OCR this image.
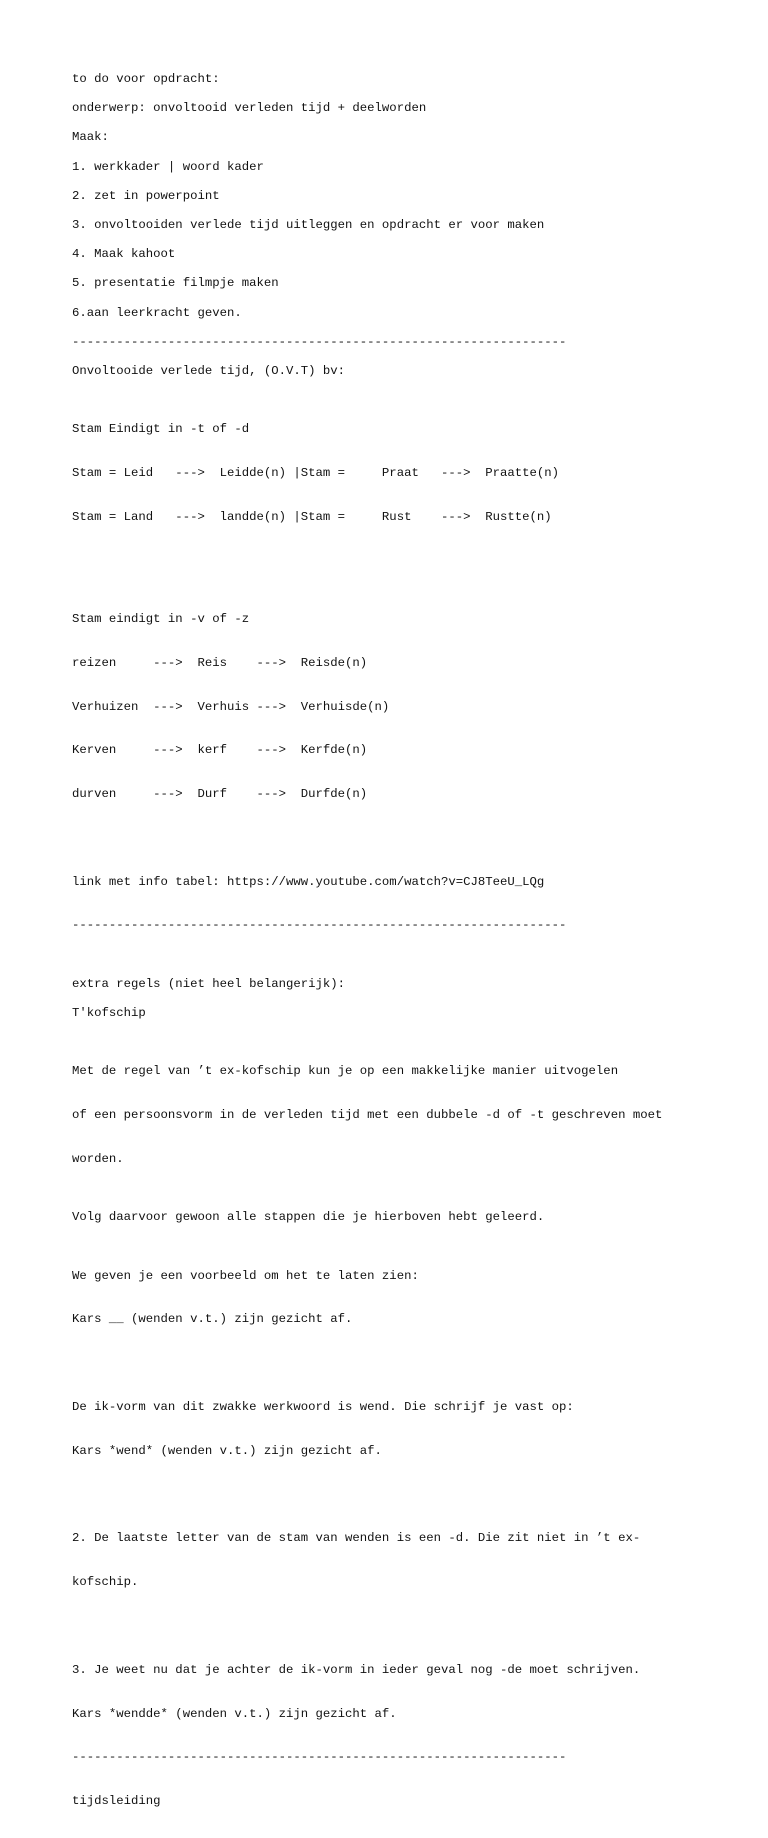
to do voor opdracht:
onderwerp: onvoltooid verleden tijd + deelworden
Maak:
1. werkkader | woord kader
2. zet in powerpoint
3. onvoltooiden verlede tijd uitleggen en opdracht er voor maken
4. Maak kahoot
5. presentatie filmpje maken
6.aan leerkracht geven.
-------------------------------------------------------------------
Onvoltooide verlede tijd, (O.V.T) bv:

Stam Eindigt in -t of -d

Stam = Leid   --->  Leidde(n) |Stam =     Praat   --->  Praatte(n)

Stam = Land   --->  landde(n) |Stam =     Rust    --->  Rustte(n)

Stam eindigt in -v of -z

reizen     --->  Reis    --->  Reisde(n)

Verhuizen  --->  Verhuis --->  Verhuisde(n)

Kerven     --->  kerf    --->  Kerfde(n)

durven     --->  Durf    --->  Durfde(n)

link met info tabel: https://www.youtube.com/watch?v=CJ8TeeU_LQg

-------------------------------------------------------------------

extra regels (niet heel belangerijk):
T'kofschip

Met de regel van ’t ex-kofschip kun je op een makkelijke manier uitvogelen

of een persoonsvorm in de verleden tijd met een dubbele -d of -t geschreven moet

worden.

Volg daarvoor gewoon alle stappen die je hierboven hebt geleerd.

We geven je een voorbeeld om het te laten zien:

Kars __ (wenden v.t.) zijn gezicht af.

De ik-vorm van dit zwakke werkwoord is wend. Die schrijf je vast op:

Kars *wend* (wenden v.t.) zijn gezicht af.

2. De laatste letter van de stam van wenden is een -d. Die zit niet in ’t ex-

kofschip.

3. Je weet nu dat je achter de ik-vorm in ieder geval nog -de moet schrijven.

Kars *wendde* (wenden v.t.) zijn gezicht af.

-------------------------------------------------------------------

tijdsleiding
